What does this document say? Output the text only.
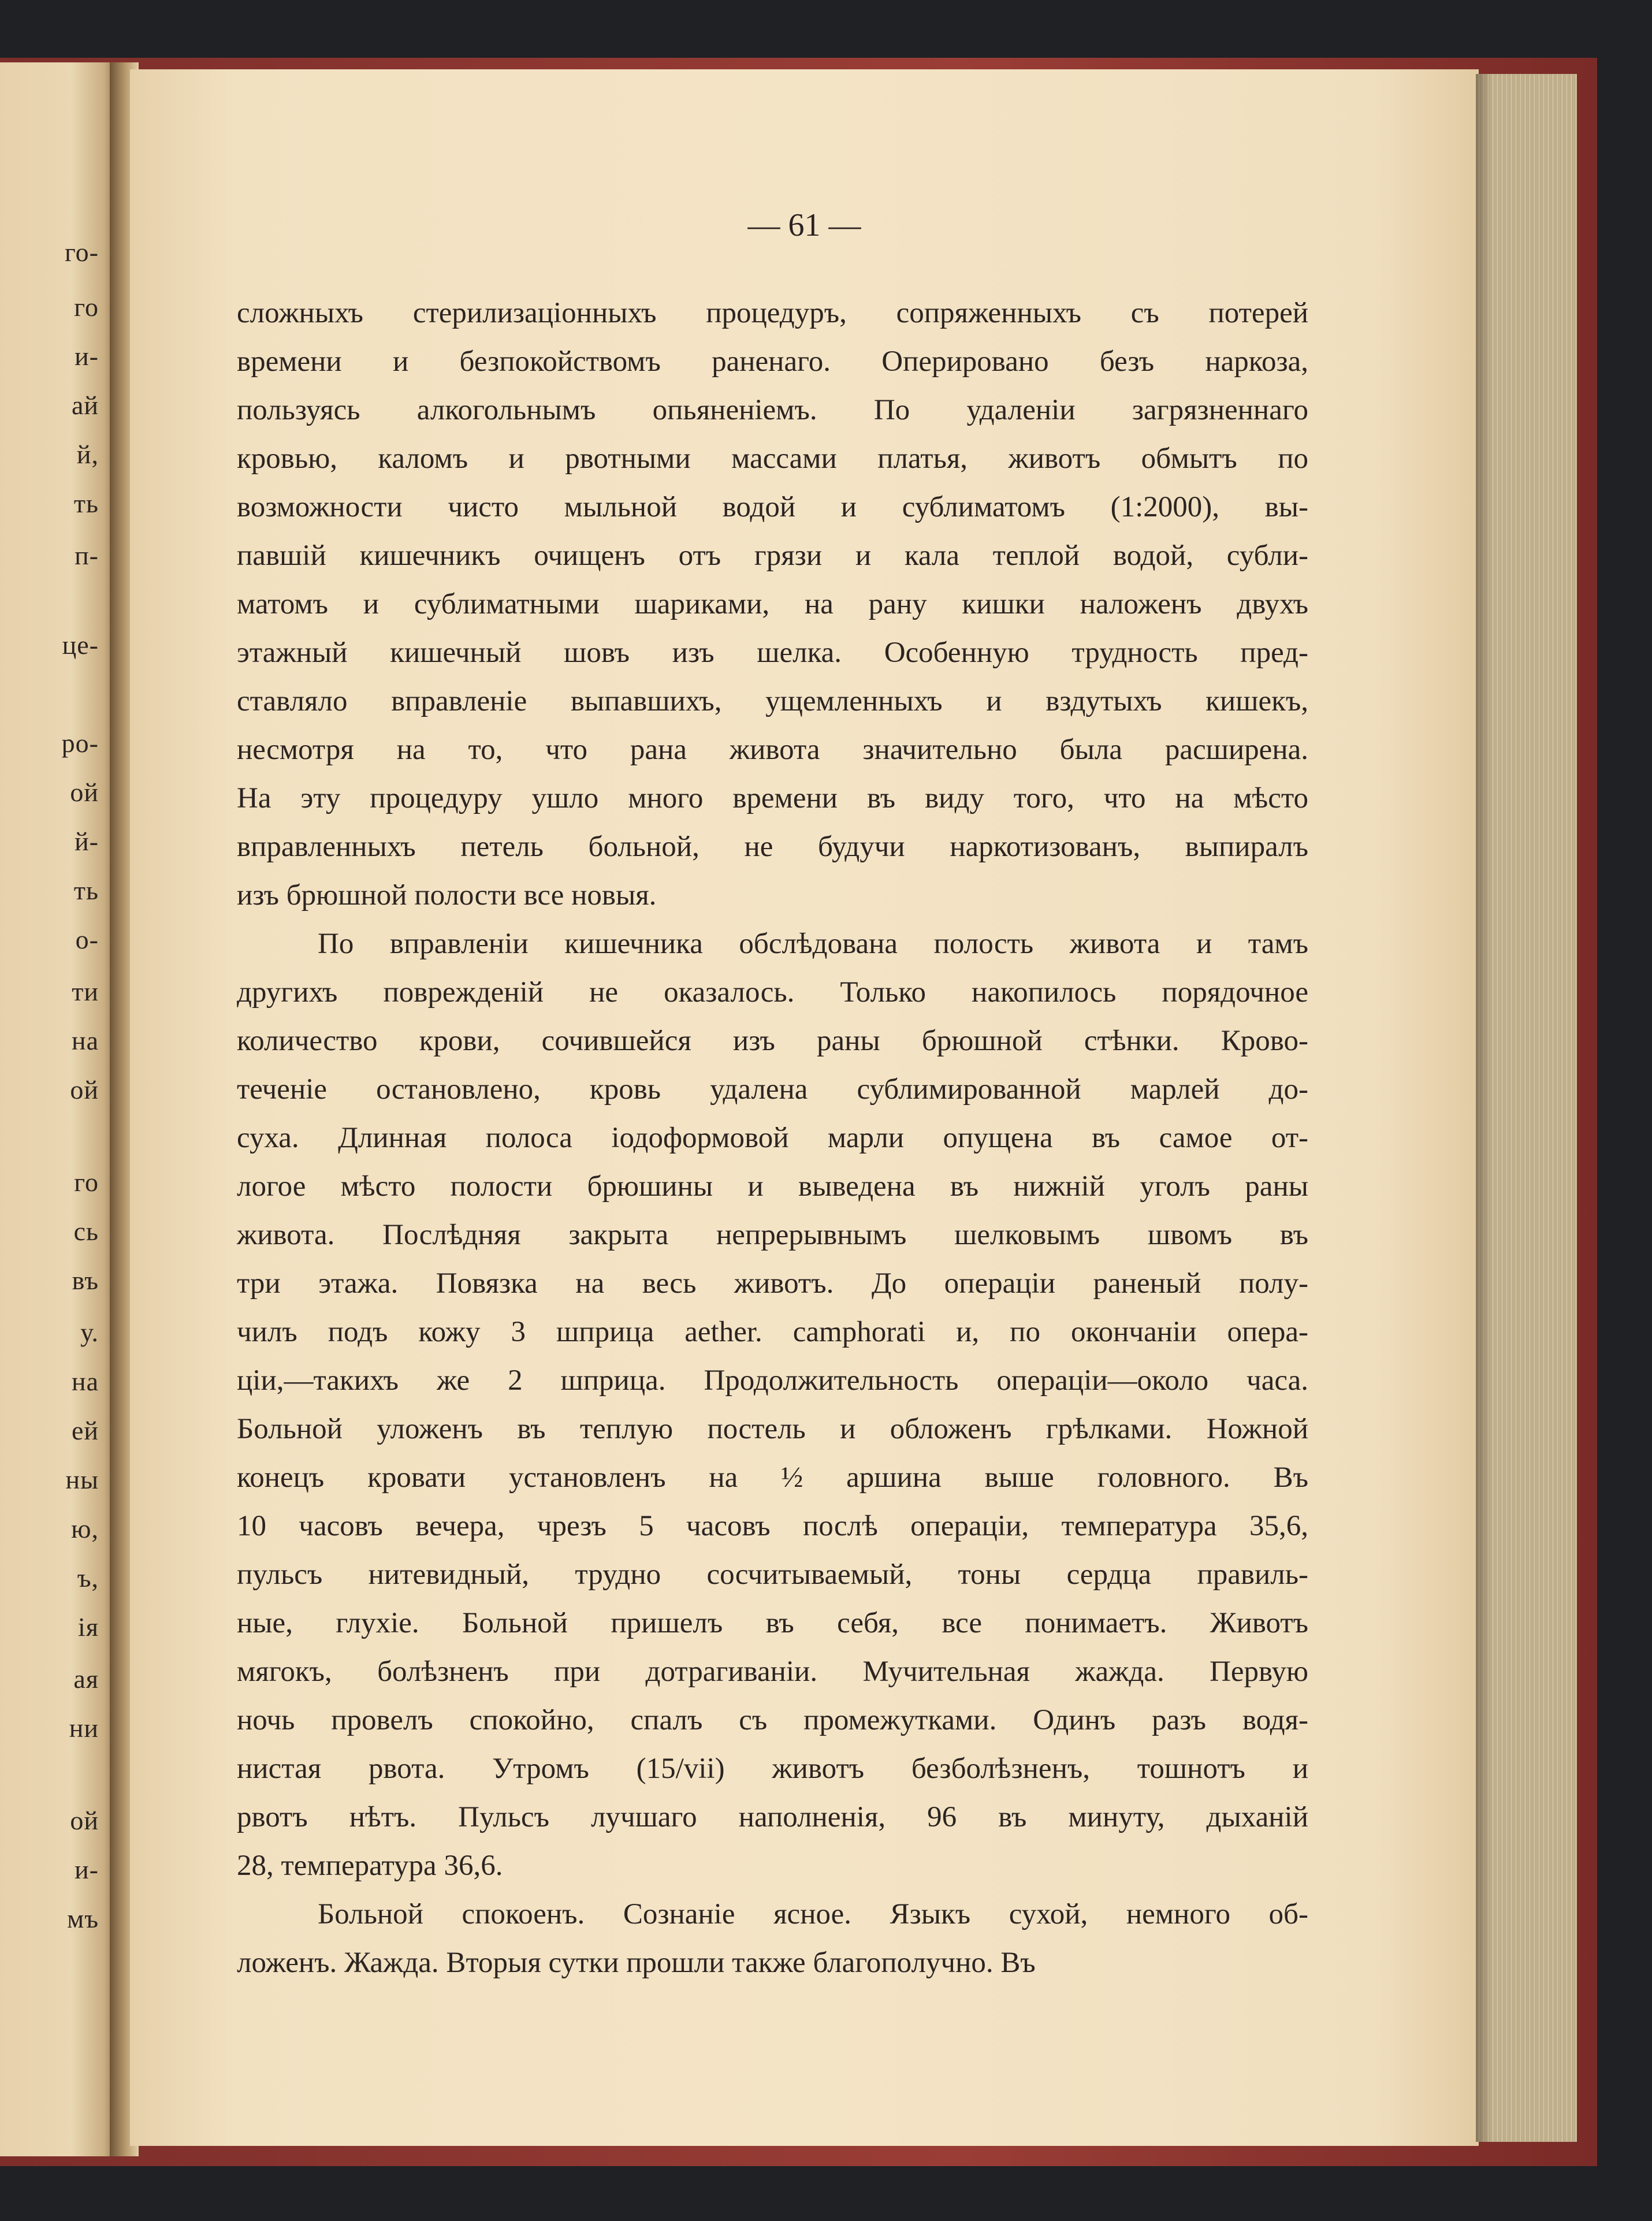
го-
го
и-
ай
й,
ть
п-
це-
ро-
ой
й-
ть
о-
ти
на
ой
го
сь
въ
у.
на
ей
ны
ю,
ъ,
ія
ая
ни
ой
и-
мъ
— 61 —
сложныхъ стерилизаціонныхъ процедуръ, сопряженныхъ съ потерей
времени и безпокойствомъ раненаго. Оперировано безъ наркоза,
пользуясь алкогольнымъ опьяненіемъ. По удаленіи загрязненнаго
кровью, каломъ и рвотными массами платья, животъ обмытъ по
возможности чисто мыльной водой и сублиматомъ (1:2000), вы-
павшій кишечникъ очищенъ отъ грязи и кала теплой водой, субли-
матомъ и сублиматными шариками, на рану кишки наложенъ двухъ
этажный кишечный шовъ изъ шелка. Особенную трудность пред-
ставляло вправленіе выпавшихъ, ущемленныхъ и вздутыхъ кишекъ,
несмотря на то, что рана живота значительно была расширена.
На эту процедуру ушло много времени въ виду того, что на мѣсто
вправленныхъ петель больной, не будучи наркотизованъ, выпиралъ
изъ брюшной полости все новыя.
По вправленіи кишечника обслѣдована полость живота и тамъ
другихъ поврежденій не оказалось. Только накопилось порядочное
количество крови, сочившейся изъ раны брюшной стѣнки. Крово-
теченіе остановлено, кровь удалена сублимированной марлей до-
суха. Длинная полоса іодоформовой марли опущена въ самое от-
логое мѣсто полости брюшины и выведена въ нижній уголъ раны
живота. Послѣдняя закрыта непрерывнымъ шелковымъ швомъ въ
три этажа. Повязка на весь животъ. До операціи раненый полу-
чилъ подъ кожу 3 шприца aether. camphorati и, по окончаніи опера-
ціи,—такихъ же 2 шприца. Продолжительность операціи—около часа.
Больной уложенъ въ теплую постель и обложенъ грѣлками. Ножной
конецъ кровати установленъ на ½ аршина выше головного. Въ
10 часовъ вечера, чрезъ 5 часовъ послѣ операціи, температура 35,6,
пульсъ нитевидный, трудно сосчитываемый, тоны сердца правиль-
ные, глухіе. Больной пришелъ въ себя, все понимаетъ. Животъ
мягокъ, болѣзненъ при дотрагиваніи. Мучительная жажда. Первую
ночь провелъ спокойно, спалъ съ промежутками. Одинъ разъ водя-
нистая рвота. Утромъ (15/vii) животъ безболѣзненъ, тошнотъ и
рвотъ нѣтъ. Пульсъ лучшаго наполненія, 96 въ минуту, дыханій
28, температура 36,6.
Больной спокоенъ. Сознаніе ясное. Языкъ сухой, немного об-
ложенъ. Жажда. Вторыя сутки прошли также благополучно. Въ
